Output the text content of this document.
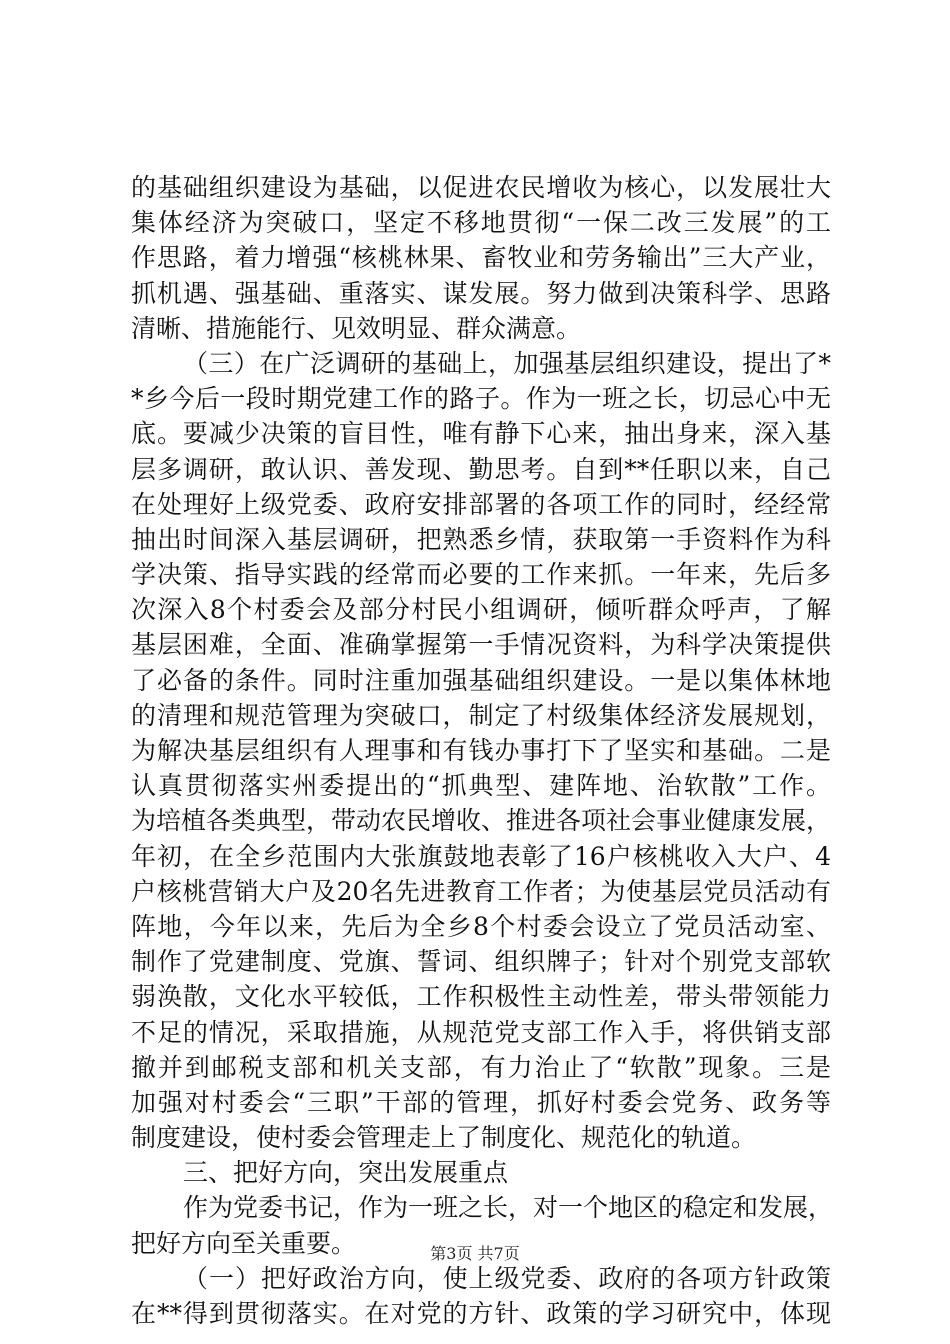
的基础组织建设为基础，以促进农民增收为核心，以发展壮大
集体经济为突破口，坚定不移地贯彻“一保二改三发展”的工
作思路，着力增强“核桃林果、畜牧业和劳务输出”三大产业，
抓机遇、强基础、重落实、谋发展。努力做到决策科学、思路
清晰、措施能行、见效明显、群众满意。
（三）在广泛调研的基础上，加强基层组织建设，提出了*
*乡今后一段时期党建工作的路子。作为一班之长，切忌心中无
底。要减少决策的盲目性，唯有静下心来，抽出身来，深入基
层多调研，敢认识、善发现、勤思考。自到**任职以来，自己
在处理好上级党委、政府安排部署的各项工作的同时，经经常
抽出时间深入基层调研，把熟悉乡情，获取第一手资料作为科
学决策、指导实践的经常而必要的工作来抓。一年来，先后多
次深入8个村委会及部分村民小组调研，倾听群众呼声，了解
基层困难，全面、准确掌握第一手情况资料，为科学决策提供
了必备的条件。同时注重加强基础组织建设。一是以集体林地
的清理和规范管理为突破口，制定了村级集体经济发展规划，
为解决基层组织有人理事和有钱办事打下了坚实和基础。二是
认真贯彻落实州委提出的“抓典型、建阵地、治软散”工作。
为培植各类典型，带动农民增收、推进各项社会事业健康发展，
年初，在全乡范围内大张旗鼓地表彰了16户核桃收入大户、4
户核桃营销大户及20名先进教育工作者；为使基层党员活动有
阵地，今年以来，先后为全乡8个村委会设立了党员活动室、
制作了党建制度、党旗、誓词、组织牌子；针对个别党支部软
弱涣散，文化水平较低，工作积极性主动性差，带头带领能力
不足的情况，采取措施，从规范党支部工作入手，将供销支部
撤并到邮税支部和机关支部，有力治止了“软散”现象。三是
加强对村委会“三职”干部的管理，抓好村委会党务、政务等
制度建设，使村委会管理走上了制度化、规范化的轨道。
三、把好方向，突出发展重点
作为党委书记，作为一班之长，对一个地区的稳定和发展，
把好方向至关重要。
（一）把好政治方向，使上级党委、政府的各项方针政策
在**得到贯彻落实。在对党的方针、政策的学习研究中，体现
第3页 共7页
